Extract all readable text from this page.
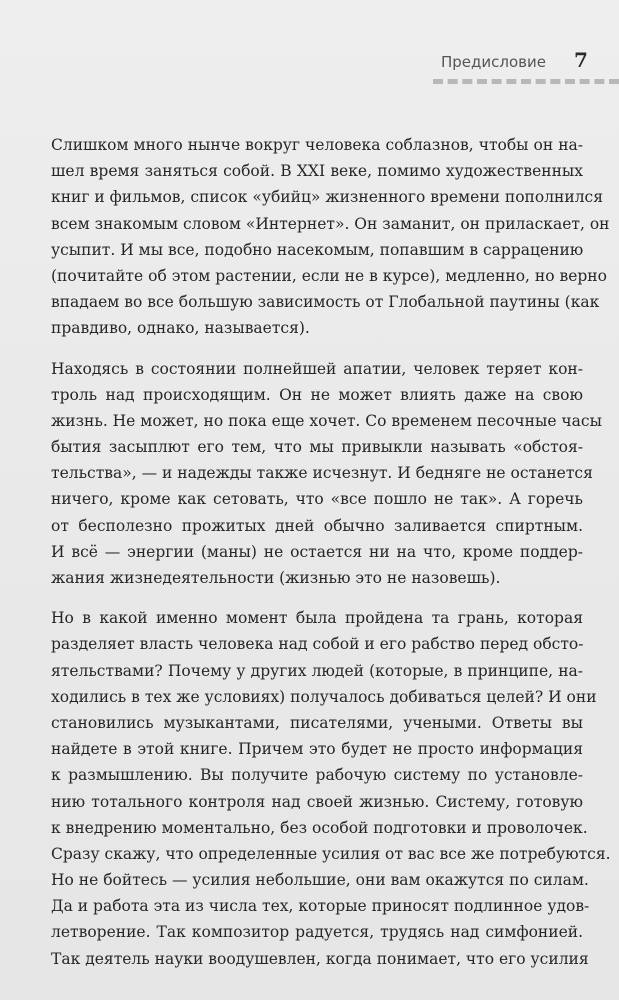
Предисловие 7
Слишком много нынче вокруг человека соблазнов, чтобы он на-
шел время заняться собой. В XXI веке, помимо художественных
книг и фильмов, список «убийц» жизненного времени пополнился
всем знакомым словом «Интернет». Он заманит, он приласкает, он
усыпит. И мы все, подобно насекомым, попавшим в саррацению
(почитайте об этом растении, если не в курсе), медленно, но верно
впадаем во все большую зависимость от Глобальной паутины (как
правдиво, однако, называется).
Находясь в состоянии полнейшей апатии, человек теряет кон-
троль над происходящим. Он не может влиять даже на свою
жизнь. Не может, но пока еще хочет. Со временем песочные часы
бытия засыплют его тем, что мы привыкли называть «обстоя-
тельства», — и надежды также исчезнут. И бедняге не останется
ничего, кроме как сетовать, что «все пошло не так». А горечь
от бесполезно прожитых дней обычно заливается спиртным.
И всё — энергии (маны) не остается ни на что, кроме поддер-
жания жизнедеятельности (жизнью это не назовешь).
Но в какой именно момент была пройдена та грань, которая
разделяет власть человека над собой и его рабство перед обсто-
ятельствами? Почему у других людей (которые, в принципе, на-
ходились в тех же условиях) получалось добиваться целей? И они
становились музыкантами, писателями, учеными. Ответы вы
найдете в этой книге. Причем это будет не просто информация
к размышлению. Вы получите рабочую систему по установле-
нию тотального контроля над своей жизнью. Систему, готовую
к внедрению моментально, без особой подготовки и проволочек.
Сразу скажу, что определенные усилия от вас все же потребуются.
Но не бойтесь — усилия небольшие, они вам окажутся по силам.
Да и работа эта из числа тех, которые приносят подлинное удов-
летворение. Так композитор радуется, трудясь над симфонией.
Так деятель науки воодушевлен, когда понимает, что его усилия
